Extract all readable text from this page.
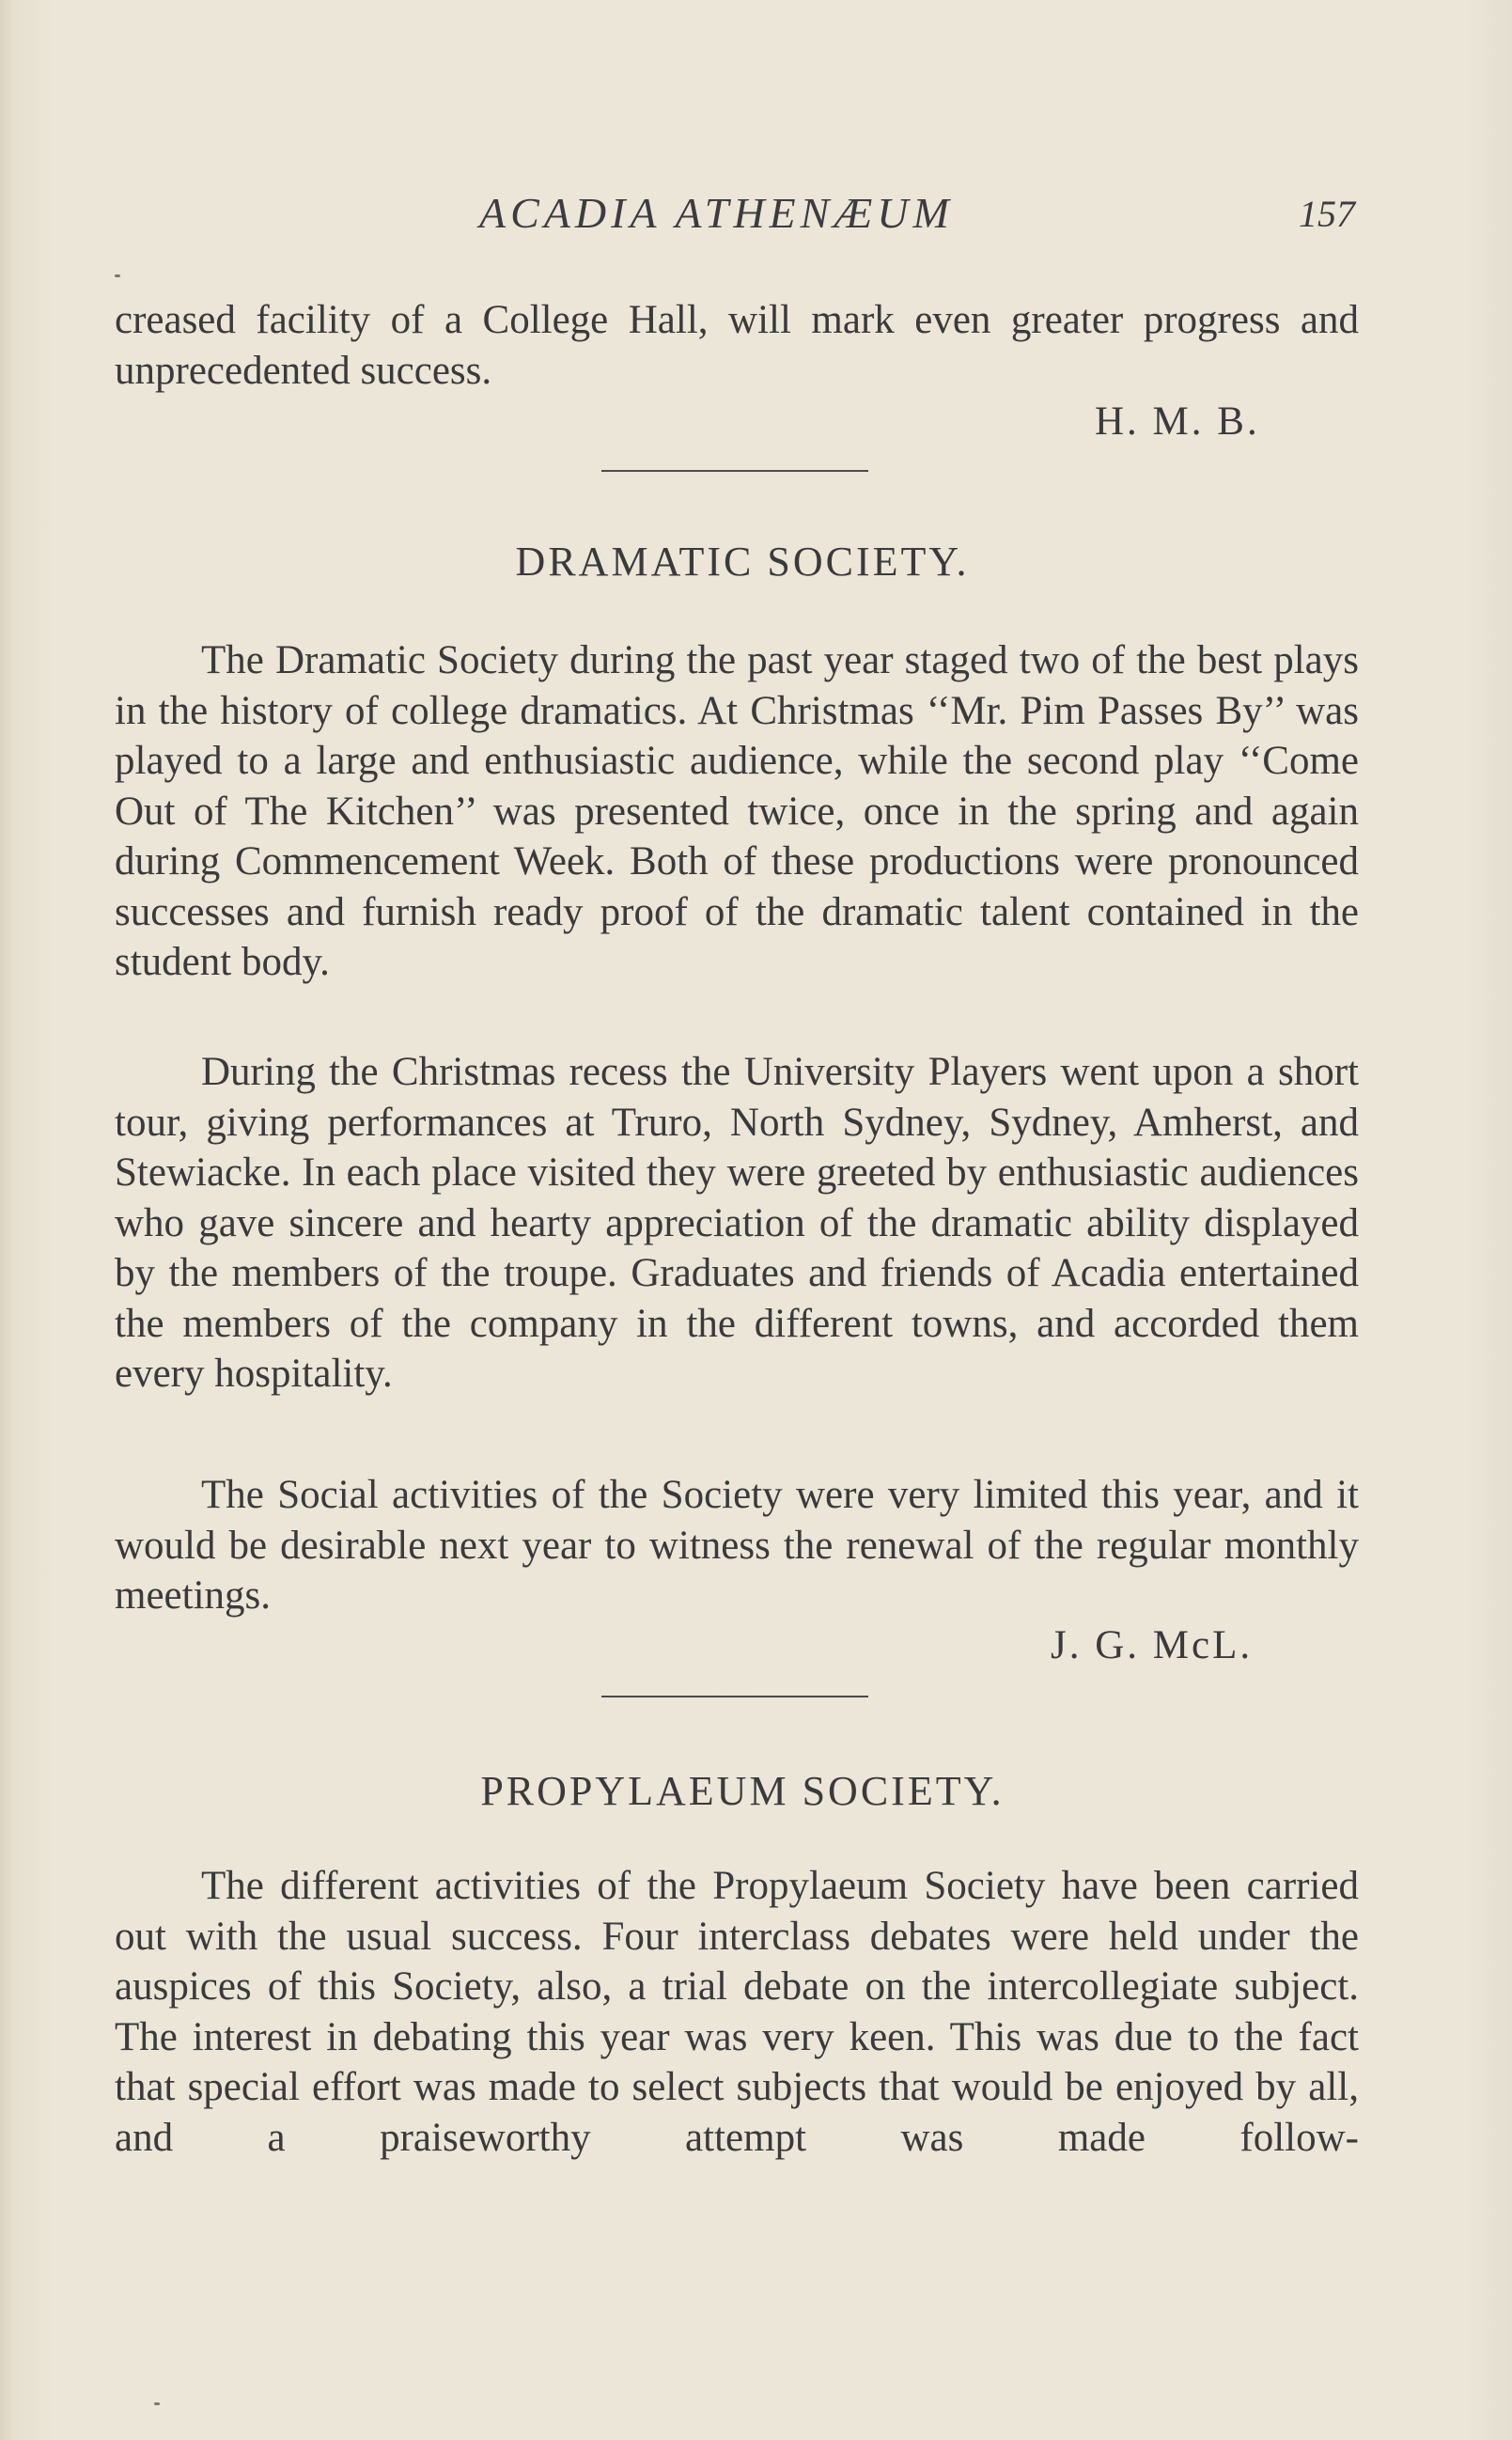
ACADIA ATHENÆUM	157

creased facility of a College Hall, will mark even greater progress and unprecedented success.

H. M. B.
DRAMATIC SOCIETY.

The Dramatic Society during the past year staged two of the best plays in the history of college dramatics. At Christmas ‘‘Mr. Pim Passes By’’ was played to a large and enthusiastic audience, while the second play ‘‘Come Out of The Kitchen’’ was presented twice, once in the spring and again during Commencement Week. Both of these productions were pronounced successes and furnish ready proof of the dramatic talent contained in the student body.

During the Christmas recess the University Players went upon a short tour, giving performances at Truro, North Sydney, Sydney, Amherst, and Stewiacke. In each place visited they were greeted by enthusiastic audiences who gave sincere and hearty appreciation of the dramatic ability displayed by the members of the troupe. Graduates and friends of Acadia entertained the members of the company in the different towns, and accorded them every hospitality.

The Social activities of the Society were very limited this year, and it would be desirable next year to witness the renewal of the regular monthly meetings.

J. G. McL.
PROPYLAEUM SOCIETY.

The different activities of the Propylaeum Society have been carried out with the usual success. Four interclass debates were held under the auspices of this Society, also, a trial debate on the intercollegiate subject. The interest in debating this year was very keen. This was due to the fact that special effort was made to select subjects that would be enjoyed by all, and a praiseworthy attempt was made follow-
